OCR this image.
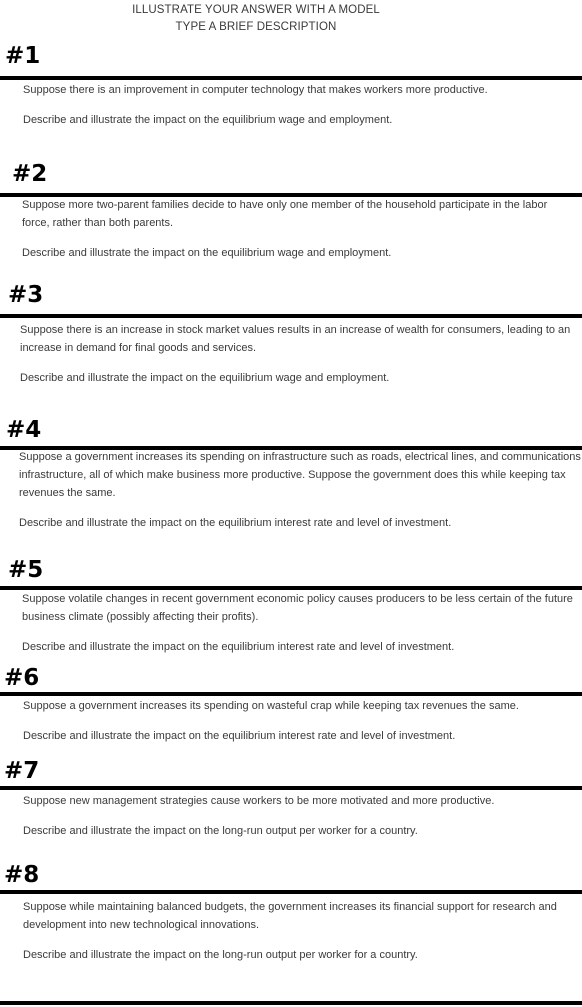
ILLUSTRATE YOUR ANSWER WITH A MODEL
TYPE A BRIEF DESCRIPTION
#1

Suppose there is an improvement in computer technology that makes workers more productive.

Describe and illustrate the impact on the equilibrium wage and employment.

#2

Suppose more two-parent families decide to have only one member of the household participate in the labor force, rather than both parents.

Describe and illustrate the impact on the equilibrium wage and employment.

#3

Suppose there is an increase in stock market values results in an increase of wealth for consumers, leading to an increase in demand for final goods and services.

Describe and illustrate the impact on the equilibrium wage and employment.

#4

Suppose a government increases its spending on infrastructure such as roads, electrical lines, and communications infrastructure, all of which make business more productive. Suppose the government does this while keeping tax revenues the same.

Describe and illustrate the impact on the equilibrium interest rate and level of investment.

#5

Suppose volatile changes in recent government economic policy causes producers to be less certain of the future business climate (possibly affecting their profits).

Describe and illustrate the impact on the equilibrium interest rate and level of investment.

#6

Suppose a government increases its spending on wasteful crap while keeping tax revenues the same.

Describe and illustrate the impact on the equilibrium interest rate and level of investment.

#7

Suppose new management strategies cause workers to be more motivated and more productive.

Describe and illustrate the impact on the long-run output per worker for a country.

#8

Suppose while maintaining balanced budgets, the government increases its financial support for research and development into new technological innovations.

Describe and illustrate the impact on the long-run output per worker for a country.
